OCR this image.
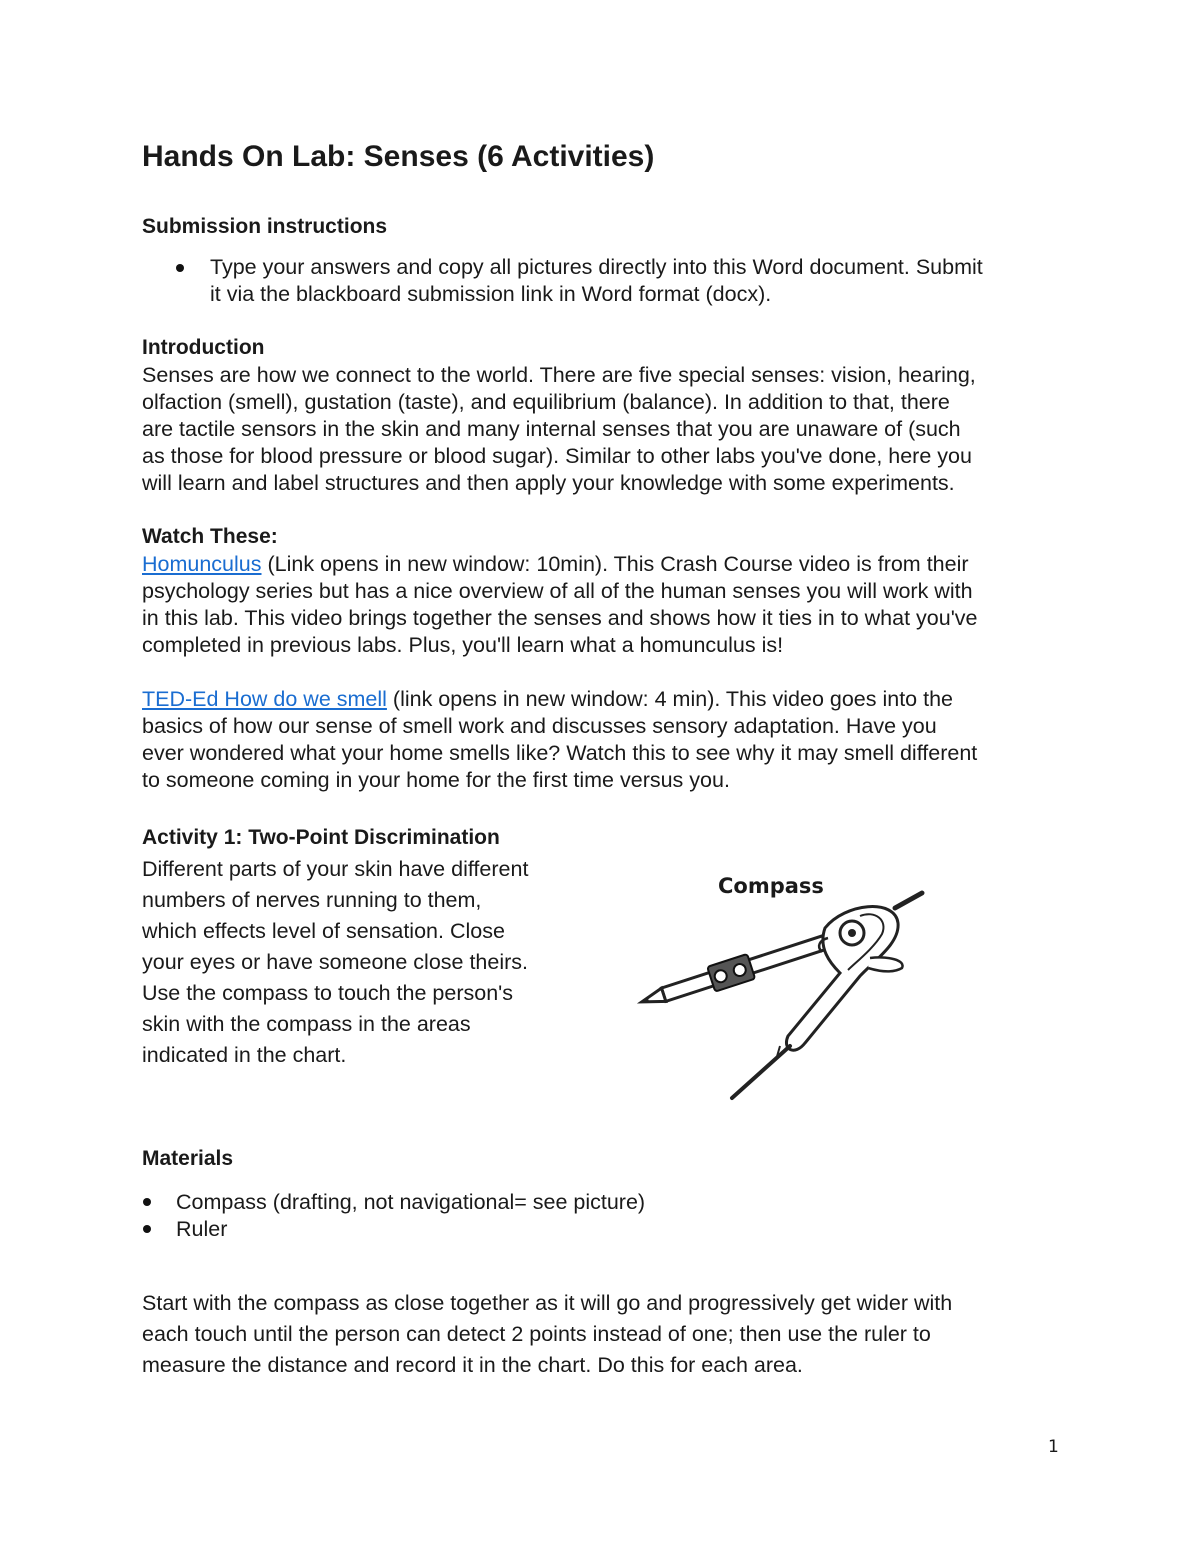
Hands On Lab: Senses (6 Activities)
Submission instructions

Type your answers and copy all pictures directly into this Word document. Submit

it via the blackboard submission link in Word format (docx).

Introduction

Senses are how we connect to the world. There are five special senses: vision, hearing,

olfaction (smell), gustation (taste), and equilibrium (balance). In addition to that, there

are tactile sensors in the skin and many internal senses that you are unaware of (such

as those for blood pressure or blood sugar). Similar to other labs you've done, here you

will learn and label structures and then apply your knowledge with some experiments.

Watch These:

Homunculus (Link opens in new window: 10min). This Crash Course video is from their

psychology series but has a nice overview of all of the human senses you will work with

in this lab. This video brings together the senses and shows how it ties in to what you've

completed in previous labs. Plus, you'll learn what a homunculus is!

TED-Ed How do we smell (link opens in new window: 4 min). This video goes into the

basics of how our sense of smell work and discusses sensory adaptation. Have you

ever wondered what your home smells like? Watch this to see why it may smell different

to someone coming in your home for the first time versus you.

Activity 1: Two-Point Discrimination

Different parts of your skin have different

numbers of nerves running to them,

which effects level of sensation. Close

your eyes or have someone close theirs.

Use the compass to touch the person's

skin with the compass in the areas

indicated in the chart.

Compass
Materials

Compass (drafting, not navigational= see picture)

Ruler

Start with the compass as close together as it will go and progressively get wider with

each touch until the person can detect 2 points instead of one; then use the ruler to

measure the distance and record it in the chart. Do this for each area.

1
